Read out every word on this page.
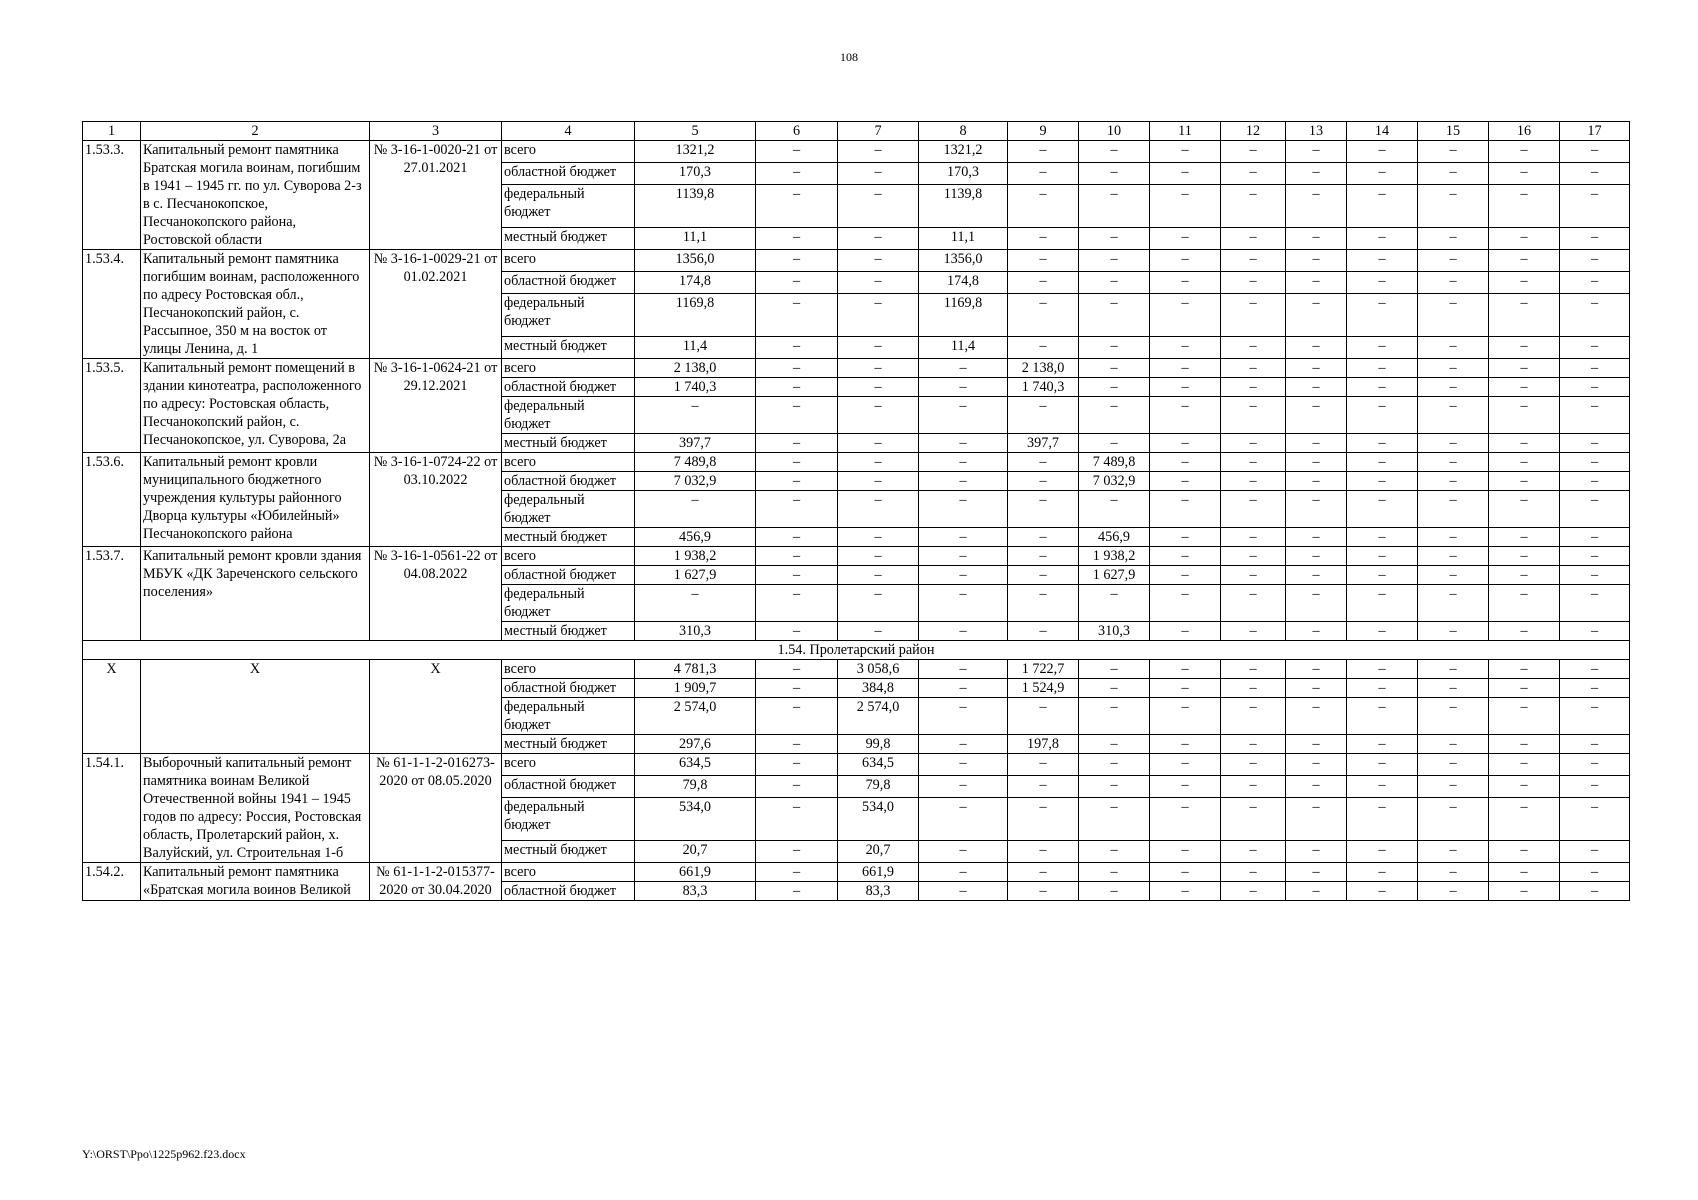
108
1	2	3	4	5	6	7	8	9	10	11	12	13	14	15	16	17
1.53.3.	Капитальный ремонт памятника Братская могила воинам, погибшим в 1941 – 1945 гг. по ул. Суворова 2-з в с. Песчанокопское, Песчанокопского района, Ростовской области	№ 3-16-1-0020-21 от 27.01.2021	всего	1321,2	–	–	1321,2	–	–	–	–	–	–	–	–	–
			областной бюджет	170,3	–	–	170,3	–	–	–	–	–	–	–	–	–
			федеральный бюджет	1139,8	–	–	1139,8	–	–	–	–	–	–	–	–	–
			местный бюджет	11,1	–	–	11,1	–	–	–	–	–	–	–	–	–
1.53.4.	Капитальный ремонт памятника погибшим воинам, расположенного по адресу Ростовская обл., Песчанокопский район, с. Рассыпное, 350 м на восток от улицы Ленина, д. 1	№ 3-16-1-0029-21 от 01.02.2021	всего	1356,0	–	–	1356,0	–	–	–	–	–	–	–	–	–
			областной бюджет	174,8	–	–	174,8	–	–	–	–	–	–	–	–	–
			федеральный бюджет	1169,8	–	–	1169,8	–	–	–	–	–	–	–	–	–
			местный бюджет	11,4	–	–	11,4	–	–	–	–	–	–	–	–	–
1.53.5.	Капитальный ремонт помещений в здании кинотеатра, расположенного по адресу: Ростовская область, Песчанокопский район, с. Песчанокопское, ул. Суворова, 2а	№ 3-16-1-0624-21 от 29.12.2021	всего	2 138,0	–	–	–	2 138,0	–	–	–	–	–	–	–	–
			областной бюджет	1 740,3	–	–	–	1 740,3	–	–	–	–	–	–	–	–
			федеральный бюджет	–	–	–	–	–	–	–	–	–	–	–	–	–
			местный бюджет	397,7	–	–	–	397,7	–	–	–	–	–	–	–	–
1.53.6.	Капитальный ремонт кровли муниципального бюджетного учреждения культуры районного Дворца культуры «Юбилейный» Песчанокопского района	№ 3-16-1-0724-22 от 03.10.2022	всего	7 489,8	–	–	–	–	7 489,8	–	–	–	–	–	–	–
			областной бюджет	7 032,9	–	–	–	–	7 032,9	–	–	–	–	–	–	–
			федеральный бюджет	–	–	–	–	–	–	–	–	–	–	–	–	–
			местный бюджет	456,9	–	–	–	–	456,9	–	–	–	–	–	–	–
1.53.7.	Капитальный ремонт кровли здания МБУК «ДК Зареченского сельского поселения»	№ 3-16-1-0561-22 от 04.08.2022	всего	1 938,2	–	–	–	–	1 938,2	–	–	–	–	–	–	–
			областной бюджет	1 627,9	–	–	–	–	1 627,9	–	–	–	–	–	–	–
			федеральный бюджет	–	–	–	–	–	–	–	–	–	–	–	–	–
			местный бюджет	310,3	–	–	–	–	310,3	–	–	–	–	–	–	–
1.54. Пролетарский район																
Х	Х	Х	всего	4 781,3	–	3 058,6	–	1 722,7	–	–	–	–	–	–	–	–
			областной бюджет	1 909,7	–	384,8	–	1 524,9	–	–	–	–	–	–	–	–
			федеральный бюджет	2 574,0	–	2 574,0	–	–	–	–	–	–	–	–	–	–
			местный бюджет	297,6	–	99,8	–	197,8	–	–	–	–	–	–	–	–
1.54.1.	Выборочный капитальный ремонт памятника воинам Великой Отечественной войны 1941 – 1945 годов по адресу: Россия, Ростовская область, Пролетарский район, х. Валуйский, ул. Строительная 1-б	№ 61-1-1-2-016273-2020 от 08.05.2020	всего	634,5	–	634,5	–	–	–	–	–	–	–	–	–	–
			областной бюджет	79,8	–	79,8	–	–	–	–	–	–	–	–	–	–
			федеральный бюджет	534,0	–	534,0	–	–	–	–	–	–	–	–	–	–
			местный бюджет	20,7	–	20,7	–	–	–	–	–	–	–	–	–	–
1.54.2.	Капитальный ремонт памятника «Братская могила воинов Великой	№ 61-1-1-2-015377-2020 от 30.04.2020	всего	661,9	–	661,9	–	–	–	–	–	–	–	–	–	–
			областной бюджет	83,3	–	83,3	–	–	–	–	–	–	–	–	–	–
Y:\ORST\Ppo\1225p962.f23.docx
